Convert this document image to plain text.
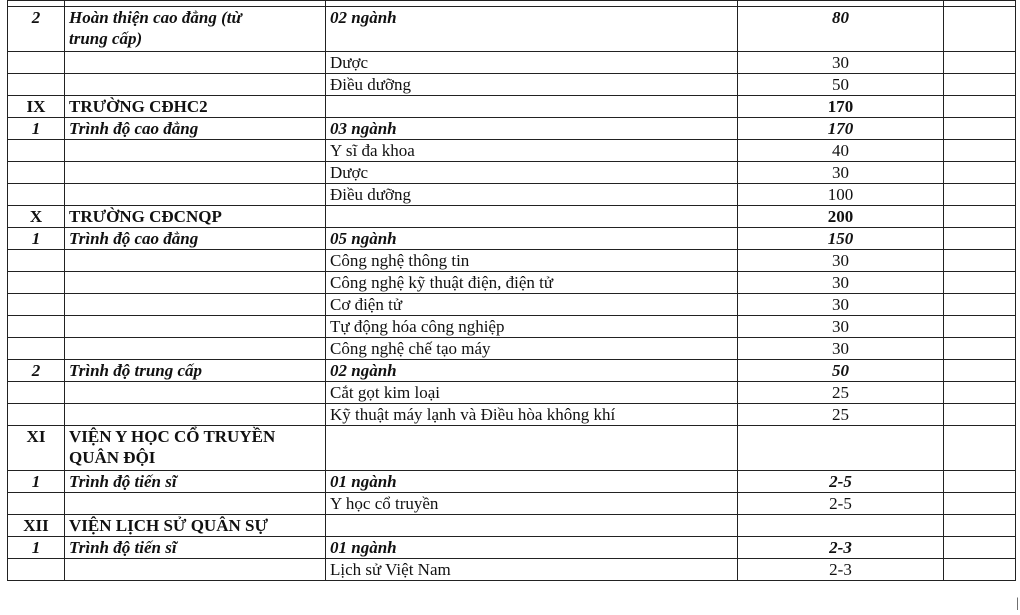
2	Hoàn thiện cao đẳng (từ
trung cấp)	02 ngành	80	
		Dược	30	
		Điều dưỡng	50	
IX	TRƯỜNG CĐHC2		170	
1	Trình độ cao đẳng	03 ngành	170	
		Y sĩ đa khoa	40	
		Dược	30	
		Điều dưỡng	100	
X	TRƯỜNG CĐCNQP		200	
1	Trình độ cao đẳng	05 ngành	150	
		Công nghệ thông tin	30	
		Công nghệ kỹ thuật điện, điện tử	30	
		Cơ điện tử	30	
		Tự động hóa công nghiệp	30	
		Công nghệ chế tạo máy	30	
2	Trình độ trung cấp	02 ngành	50	
		Cắt gọt kim loại	25	
		Kỹ thuật máy lạnh và Điều hòa không khí	25	
XI	VIỆN Y HỌC CỔ TRUYỀN
QUÂN ĐỘI			
1	Trình độ tiến sĩ	01 ngành	2-5	
		Y học cổ truyền	2-5	
XII	VIỆN LỊCH SỬ QUÂN SỰ			
1	Trình độ tiến sĩ	01 ngành	2-3	
		Lịch sử Việt Nam	2-3	
|
